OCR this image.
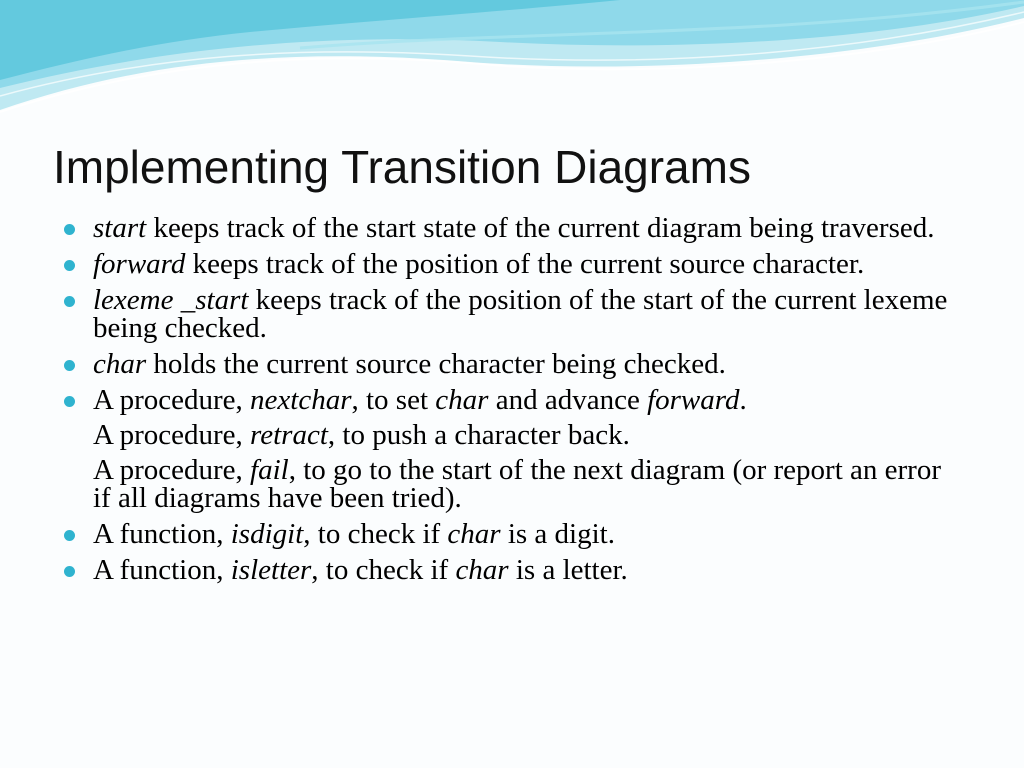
Implementing Transition Diagrams
start keeps track of the start state of the current diagram being traversed.
forward keeps track of the position of the current source character.
lexeme _start keeps track of the position of the start of the current lexeme being checked.
char holds the current source character being checked.
A procedure, nextchar, to set char and advance forward.
A procedure, retract, to push a character back.
A procedure, fail, to go to the start of the next diagram (or report an error if all diagrams have been tried).
A function, isdigit, to check if char is a digit.
A function, isletter, to check if char is a letter.
